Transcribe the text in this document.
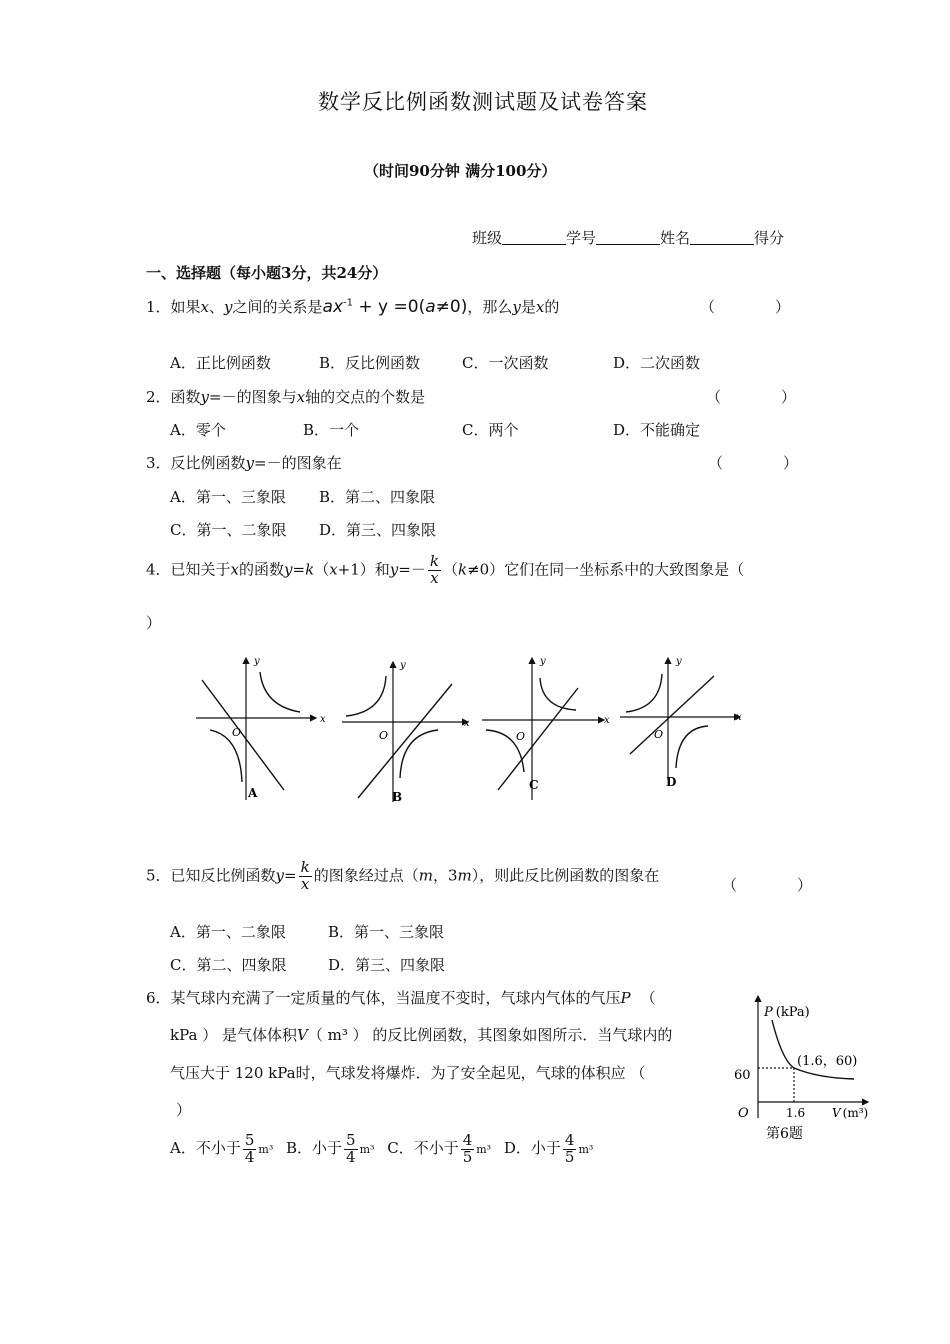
数学反比例函数测试题及试卷答案
（时间90分钟 满分100分）
班级	学号	姓名	得分
一、选择题（每小题3分，共24分）
1．如果x、y之间的关系是$ax^{-1} + y =0(a\ne 0)$，那么y是x的	（　　　　）
A．正比例函数	B．反比例函数	C．一次函数	D．二次函数
2．函数y=－的图象与x轴的交点的个数是	（　　　　）
A．零个	B．一个	C．两个	D．不能确定
3．反比例函数y=－的图象在	（　　　　）
A．第一、三象限 B．第二、四象限
C．第一、二象限 D．第三、四象限
4．已知关于x的函数y=k（x+1）和$y=- \frac{k}{x} (k\ne 0)$它们在同一坐标系中的大致图象是（
）
x
y
O
A
x
y
O
B
x
y
O
C
x
y
O
D
5．已知反比例函数$y= \frac{k}{x}$ 的图象经过点（m，3m），则此反比例函数的图象在
（　　　　）
A．第一、二象限	B．第一、三象限
C．第二、四象限	D．第三、四象限
6．某气球内充满了一定质量的气体，当温度不变时，气球内气体的气压P （
kPa ） 是气体体积V（ m³ ） 的反比例函数，其图象如图所示．当气球内的
气压大于 120 kPa时，气球发将爆炸．为了安全起见，气球的体积应 （
）
A．不小于 $\frac{5}{4} m^3$ B．小于 $\frac{5}{4} m^3$ C．不小于 $\frac{4}{5} m^3$ D．小于 $\frac{4}{5} m^3$
P (kPa)
(1.6，60)
60
1.6 V (m³)
O
第6题
